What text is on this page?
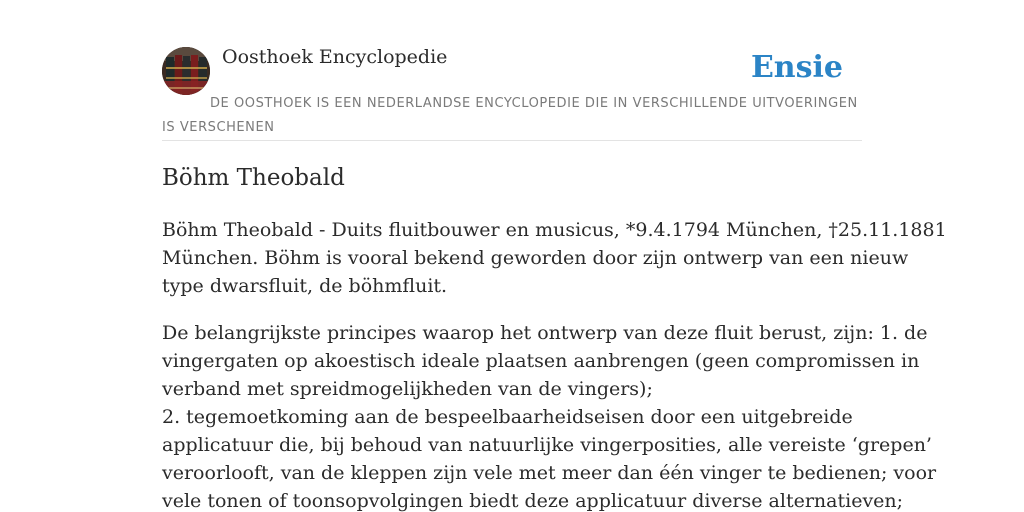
Oosthoek Encyclopedie	Ensie
DE OOSTHOEK IS EEN NEDERLANDSE ENCYCLOPEDIE DIE IN VERSCHILLENDE UITVOERINGEN IS VERSCHENEN
Böhm Theobald

Böhm Theobald - Duits fluitbouwer en musicus, *9.4.1794 München, †25.11.1881
München. Böhm is vooral bekend geworden door zijn ontwerp van een nieuw
type dwarsfluit, de böhmfluit.

De belangrijkste principes waarop het ontwerp van deze fluit berust, zijn: 1. de
vingergaten op akoestisch ideale plaatsen aanbrengen (geen compromissen in
verband met spreidmogelijkheden van de vingers);
2. tegemoetkoming aan de bespeelbaarheidseisen door een uitgebreide
applicatuur die, bij behoud van natuurlijke vingerposities, alle vereiste ‘grepen’
veroorlooft, van de kleppen zijn vele met meer dan één vinger te bedienen; voor
vele tonen of toonsopvolgingen biedt deze applicatuur diverse alternatieven;
